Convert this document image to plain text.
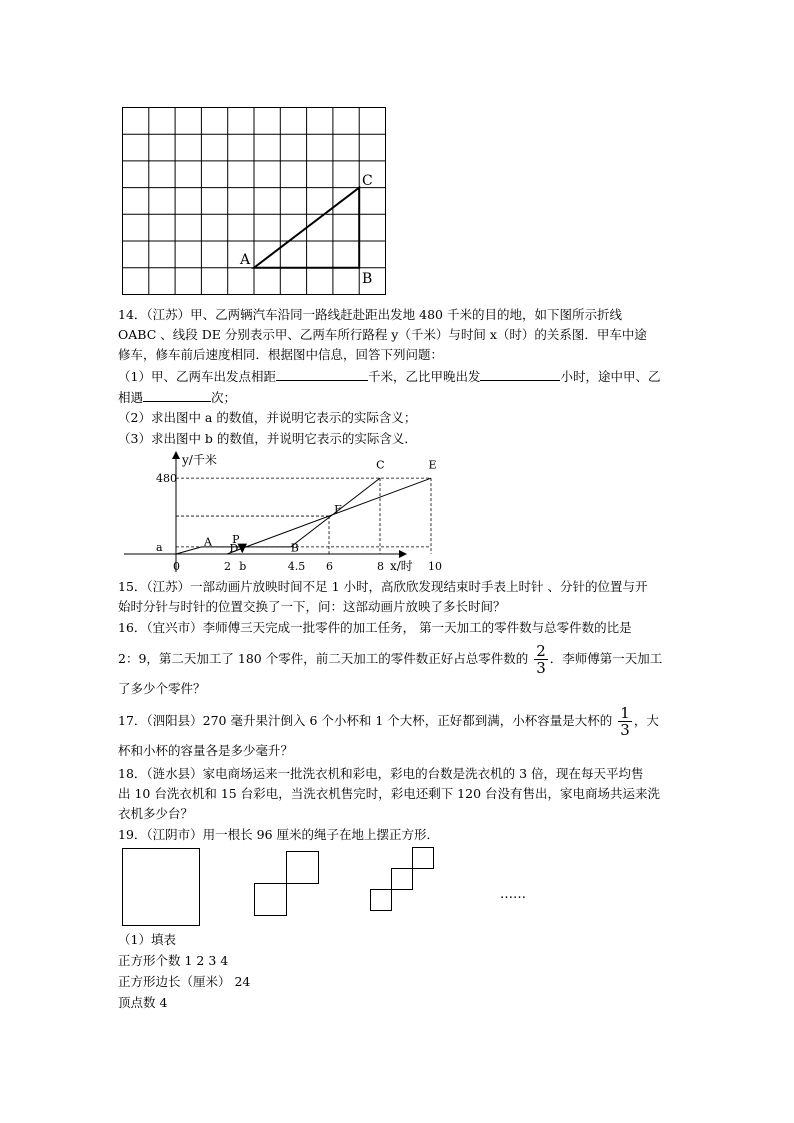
A
B
C
14．（江苏）甲、乙两辆汽车沿同一路线赶赴距出发地 480 千米的目的地，如下图所示折线
OABC 、线段 DE 分别表示甲、乙两车所行路程 y（千米）与时间 x（时）的关系图．甲车中途
修车，修车前后速度相同．根据图中信息，回答下列问题：
（1）甲、乙两车出发点相距	千米，乙比甲晚出发	小时，途中甲、乙
相遇	次；
（2）求出图中 a 的数值，并说明它表示的实际含义；
（3）求出图中 b 的数值，并说明它表示的实际含义．
y/千米
x/时
0	2 b	4.5 6	8	10
480
a	A D
P
B
F
C	E
15．（江苏）一部动画片放映时间不足 1 小时，高欣欣发现结束时手表上时针 、分针的位置与开
始时分针与时针的位置交换了一下，问：这部动画片放映了多长时间？
16．（宜兴市）李师傅三天完成一批零件的加工任务， 第一天加工的零件数与总零件数的比是
2：9，第二天加工了 180 个零件，前二天加工的零件数正好占总零件数的 $\frac{2}{3}$ ．李师傅第一天加工
了多少个零件？
17．（泗阳县）270 毫升果汁倒入 6 个小杯和 1 个大杯，正好都到满，小杯容量是大杯的 $\frac{1}{3}$ ，大
杯和小杯的容量各是多少毫升？
18．（涟水县）家电商场运来一批洗衣机和彩电，彩电的台数是洗衣机的 3 倍，现在每天平均售
出 10 台洗衣机和 15 台彩电，当洗衣机售完时，彩电还剩下 120 台没有售出，家电商场共运来洗
衣机多少台？
19．（江阴市）用一根长 96 厘米的绳子在地上摆正方形．
……
（1）填表
正方形个数 1 2 3 4
正方形边长（厘米） 24
顶点数 4
